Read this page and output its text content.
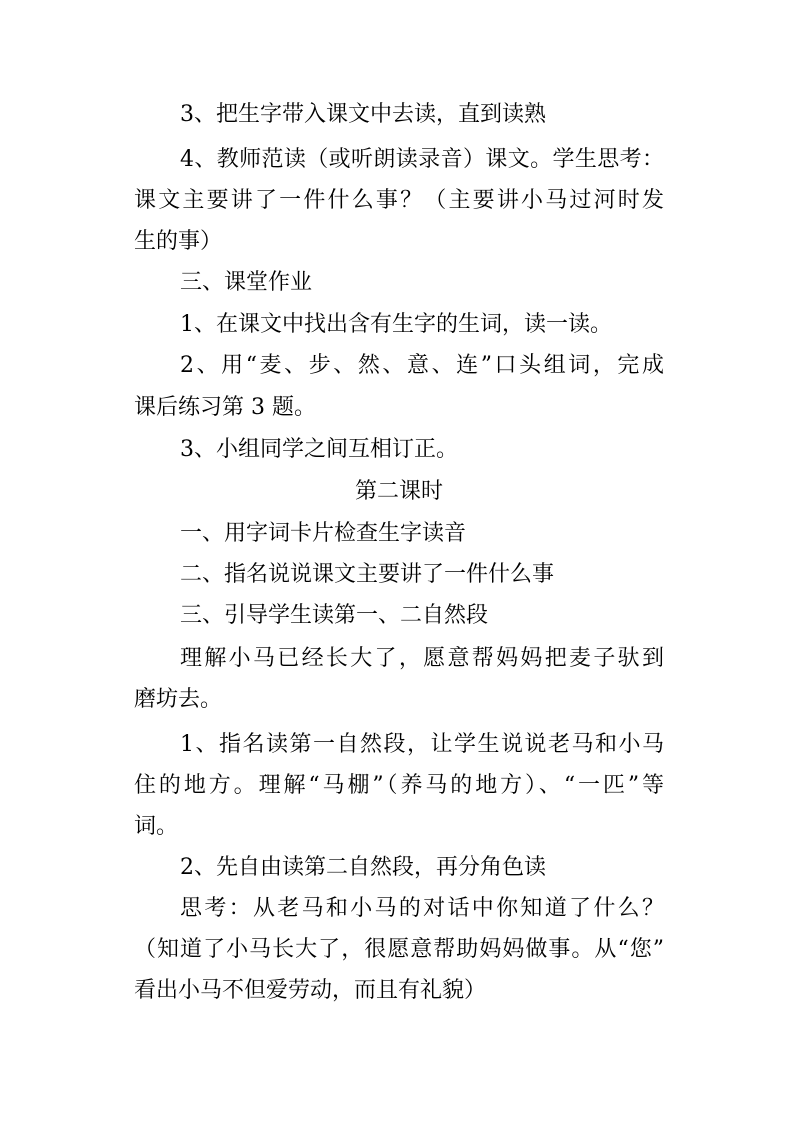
3、把生字带入课文中去读，直到读熟

4、教师范读（或听朗读录音）课文。学生思考：

课文主要讲了一件什么事？（主要讲小马过河时发

生的事）

三、课堂作业

1、在课文中找出含有生字的生词，读一读。

2、用“麦、步、然、意、连”口头组词，完成

课后练习第 3 题。

3、小组同学之间互相订正。

第二课时

一、用字词卡片检查生字读音

二、指名说说课文主要讲了一件什么事

三、引导学生读第一、二自然段

理解小马已经长大了，愿意帮妈妈把麦子驮到

磨坊去。

1、指名读第一自然段，让学生说说老马和小马

住的地方。理解“马棚”（养马的地方）、“一匹”等

词。

2、先自由读第二自然段，再分角色读

思考：从老马和小马的对话中你知道了什么？

（知道了小马长大了，很愿意帮助妈妈做事。从“您”

看出小马不但爱劳动，而且有礼貌）
